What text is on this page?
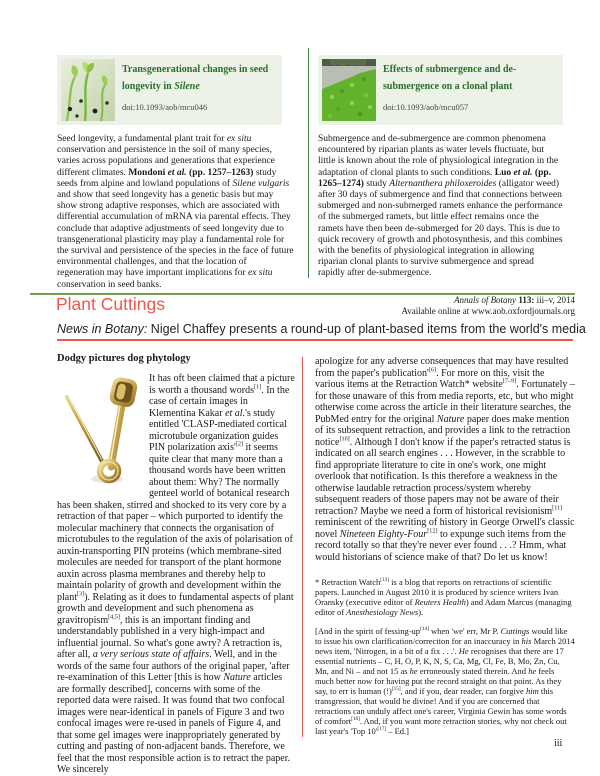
Transgenerational changes in seed longevity in Silene
doi:10.1093/aob/mcu046

Seed longevity, a fundamental plant trait for ex situ conservation and persistence in the soil of many species, varies across populations and generations that experience different climates. Mondoni et al. (pp. 1257–1263) study seeds from alpine and lowland populations of Silene vulgaris and show that seed longevity has a genetic basis but may show strong adaptive responses, which are associated with differential accumulation of mRNA via parental effects. They conclude that adaptive adjustments of seed longevity due to transgenerational plasticity may play a fundamental role for the survival and persistence of the species in the face of future environmental challenges, and that the location of regeneration may have important implications for ex situ conservation in seed banks.

Effects of submergence and de-submergence on a clonal plant
doi:10.1093/aob/mcu057

Submergence and de-submergence are common phenomena encountered by riparian plants as water levels fluctuate, but little is known about the role of physiological integration in the adaptation of clonal plants to such conditions. Luo et al. (pp. 1265–1274) study Alternanthera philoxeroides (alligator weed) after 30 days of submergence and find that connections between submerged and non-submerged ramets enhance the performance of the submerged ramets, but little effect remains once the ramets have then been de-submerged for 20 days. This is due to quick recovery of growth and photosynthesis, and this combines with the benefits of physiological integration in allowing riparian clonal plants to survive submergence and spread rapidly after de-submergence.

Plant Cuttings	Annals of Botany 113: iii–v, 2014
Available online at www.aob.oxfordjournals.org
News in Botany: Nigel Chaffey presents a round-up of plant-based items from the world's media
Dodgy pictures dog phytology

It has oft been claimed that a picture is worth a thousand words[1]. In the case of certain images in Klementina Kakar et al.'s study entitled 'CLASP-mediated cortical microtubule organization guides PIN polarization axis'[2] it seems quite clear that many more than a thousand words have been written about them: Why? The normally genteel world of botanical research has been shaken, stirred and shocked to its very core by a retraction of that paper – which purported to identify the molecular machinery that connects the organisation of microtubules to the regulation of the axis of polarisation of auxin-transporting PIN proteins (which membrane-sited molecules are needed for transport of the plant hormone auxin across plasma membranes and thereby help to maintain polarity of growth and development within the plant[3]). Relating as it does to fundamental aspects of plant growth and development and such phenomena as gravitropism[4,5], this is an important finding and understandably published in a very high-impact and influential journal. So what's gone awry? A retraction is, after all, a very serious state of affairs. Well, and in the words of the same four authors of the original paper, 'after re-examination of this Letter [this is how Nature articles are formally described], concerns with some of the reported data were raised. It was found that two confocal images were near-identical in panels of Figure 3 and two confocal images were re-used in panels of Figure 4, and that some gel images were inappropriately generated by cutting and pasting of non-adjacent bands. Therefore, we feel that the most responsible action is to retract the paper. We sincerely

apologize for any adverse consequences that may have resulted from the paper's publication'[6]. For more on this, visit the various items at the Retraction Watch* website[7–9]. Fortunately – for those unaware of this from media reports, etc, but who might otherwise come across the article in their literature searches, the PubMed entry for the original Nature paper does make mention of its subsequent retraction, and provides a link to the retraction notice[10]. Although I don't know if the paper's retracted status is indicated on all search engines . . . However, in the scrabble to find appropriate literature to cite in one's work, one might overlook that notification. Is this therefore a weakness in the otherwise laudable retraction process/system whereby subsequent readers of those papers may not be aware of their retraction? Maybe we need a form of historical revisionism[11] reminiscent of the rewriting of history in George Orwell's classic novel Nineteen Eighty-Four[12] to expunge such items from the record totally so that they're never ever found . . .? Hmm, what would historians of science make of that? Do let us know!

* Retraction Watch[13] is a blog that reports on retractions of scientific papers. Launched in August 2010 it is produced by science writers Ivan Oransky (executive editor of Reuters Health) and Adam Marcus (managing editor of Anesthesiology News).

[And in the spirit of fessing-up[14] when 'we' err, Mr P. Cuttings would like to issue his own clarification/correction for an inaccuracy in his March 2014 news item, 'Nitrogen, in a bit of a fix . . .'. He recognises that there are 17 essential nutrients – C, H, O, P, K, N, S, Ca, Mg, Cl, Fe, B, Mo, Zn, Cu, Mn, and Ni – and not 15 as he erroneously stated therein. And he feels much better now for having put the record straight on that point. As they say, to err is human (!)[15], and if you, dear reader, can forgive him this transgression, that would be divine! And if you are concerned that retractions can unduly affect one's career, Virginia Gewin has some words of comfort[16]. And, if you want more retraction stories, why not check out last year's 'Top 10'[17] – Ed.]

iii
